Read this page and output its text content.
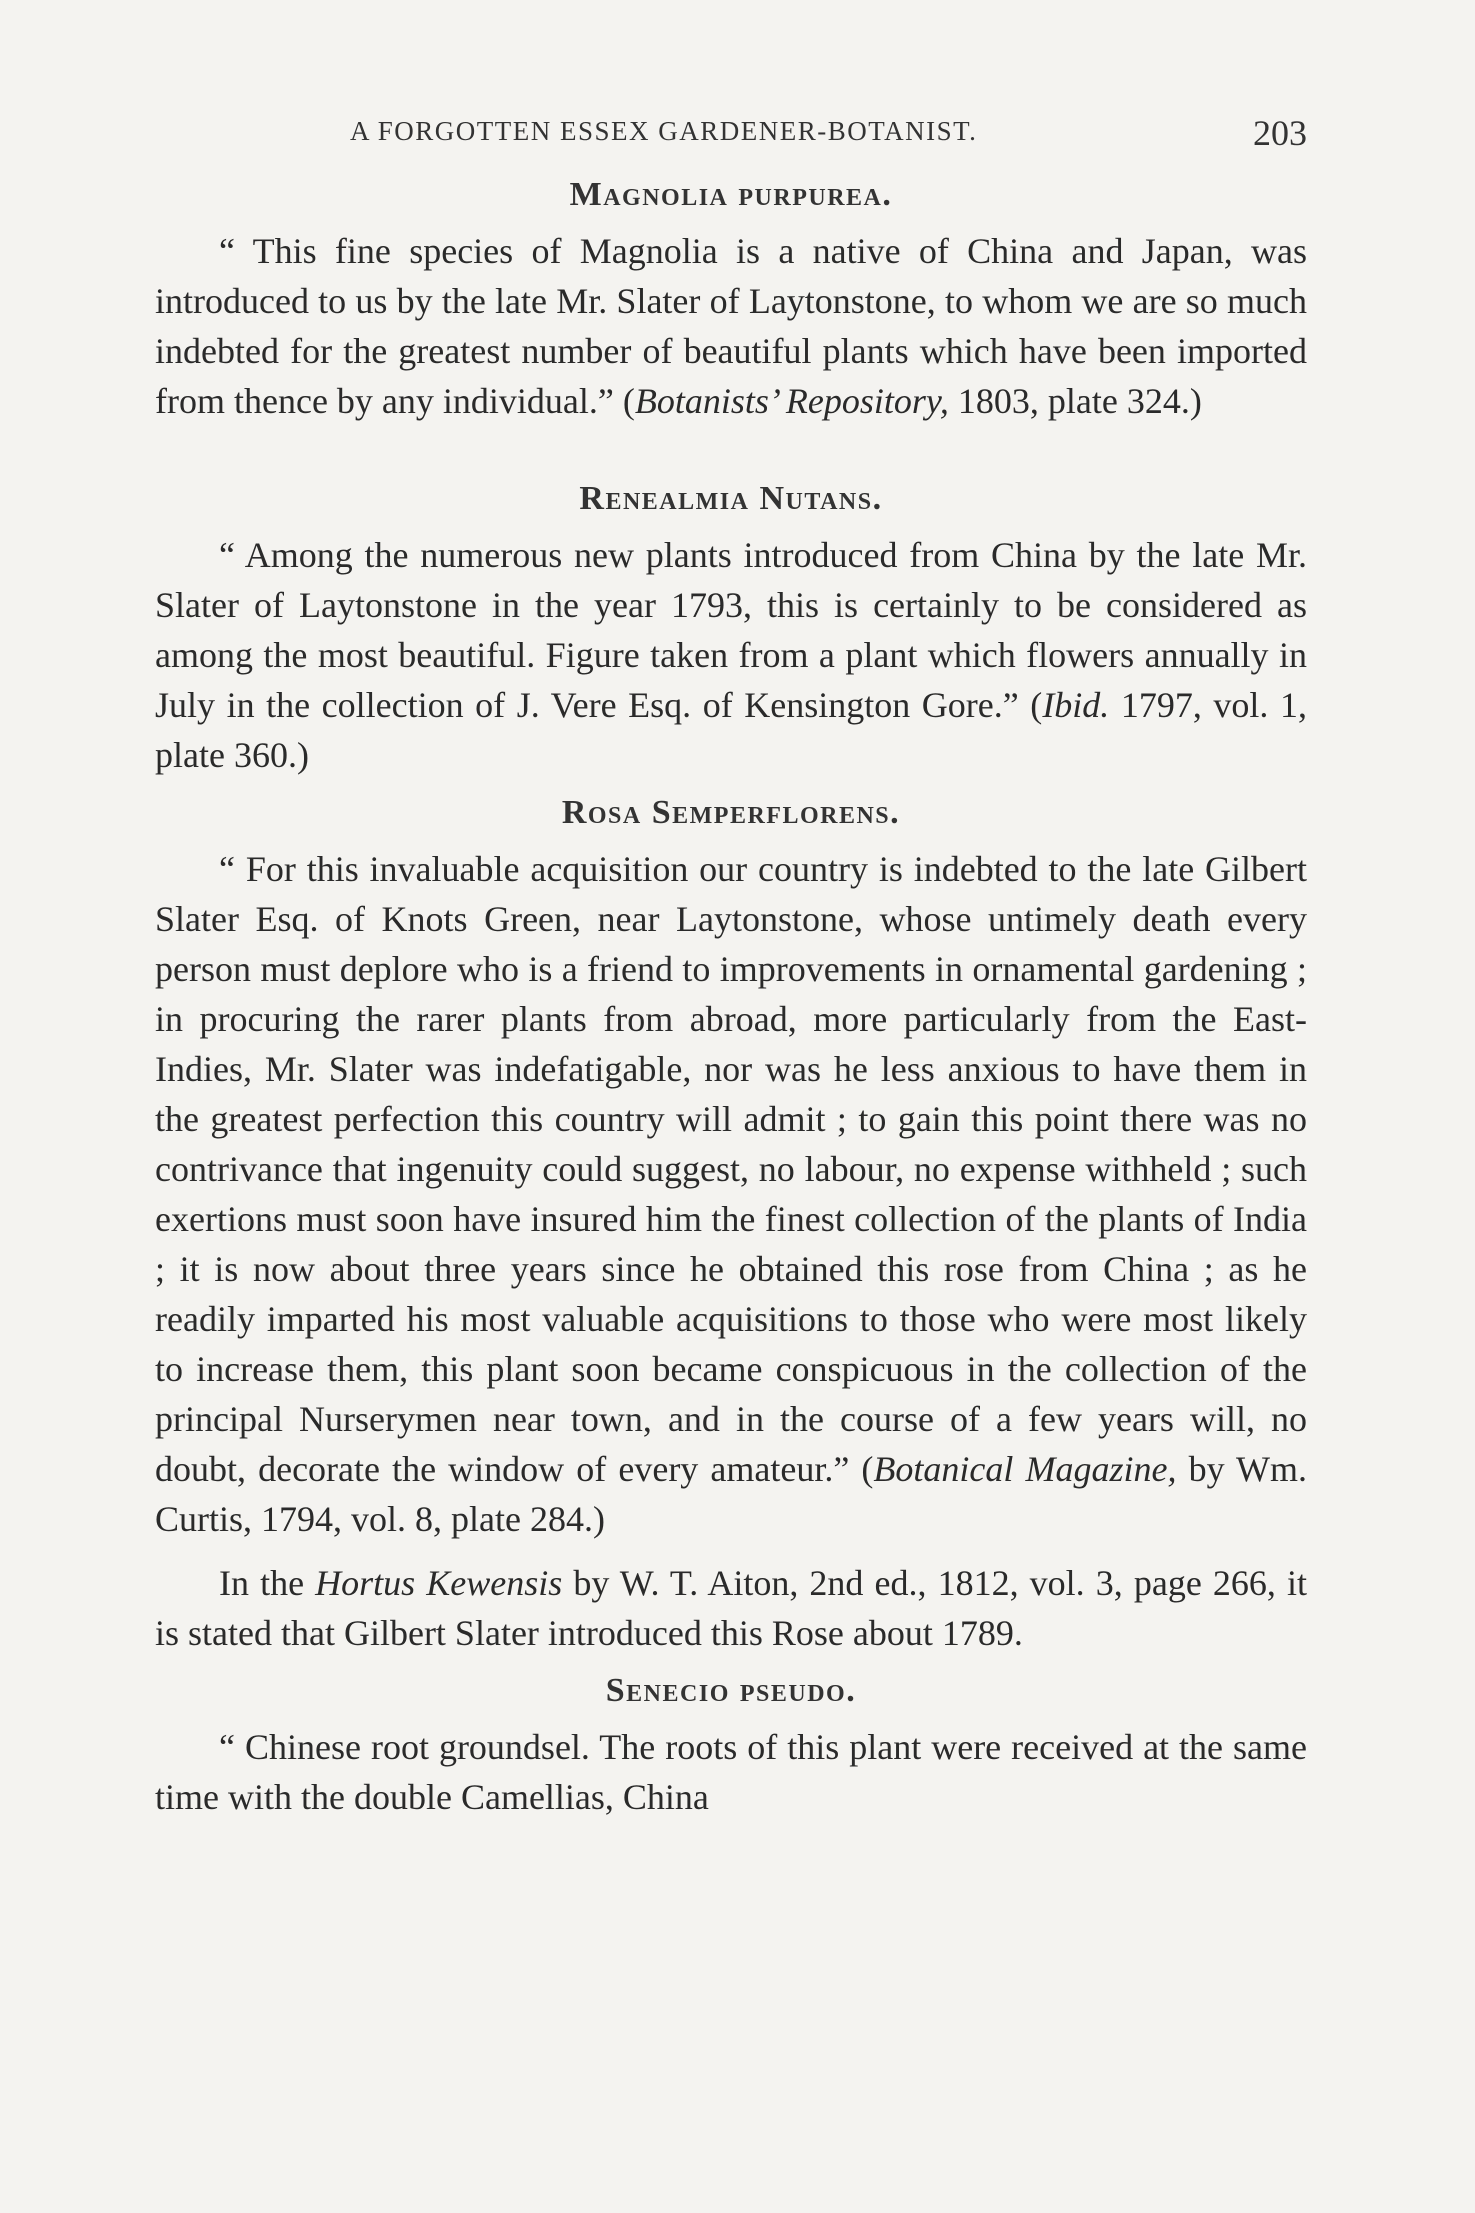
A FORGOTTEN ESSEX GARDENER-BOTANIST.	203
Magnolia purpurea.

“ This fine species of Magnolia is a native of China and Japan, was introduced to us by the late Mr. Slater of Laytonstone, to whom we are so much indebted for the greatest number of beautiful plants which have been imported from thence by any individual.” (Botanists’ Repository, 1803, plate 324.)

Renealmia Nutans.

“ Among the numerous new plants introduced from China by the late Mr. Slater of Laytonstone in the year 1793, this is certainly to be considered as among the most beautiful. Figure taken from a plant which flowers annually in July in the collection of J. Vere Esq. of Kensington Gore.” (Ibid. 1797, vol. 1, plate 360.)

Rosa Semperflorens.

“ For this invaluable acquisition our country is indebted to the late Gilbert Slater Esq. of Knots Green, near Laytonstone, whose untimely death every person must deplore who is a friend to improvements in ornamental gardening ; in procuring the rarer plants from abroad, more particularly from the East-Indies, Mr. Slater was indefatigable, nor was he less anxious to have them in the greatest perfection this country will admit ; to gain this point there was no contrivance that ingenuity could suggest, no labour, no expense withheld ; such exertions must soon have insured him the finest collection of the plants of India ; it is now about three years since he obtained this rose from China ; as he readily imparted his most valuable acquisitions to those who were most likely to increase them, this plant soon became conspicuous in the collection of the principal Nurserymen near town, and in the course of a few years will, no doubt, decorate the window of every amateur.” (Botanical Magazine, by Wm. Curtis, 1794, vol. 8, plate 284.)

In the Hortus Kewensis by W. T. Aiton, 2nd ed., 1812, vol. 3, page 266, it is stated that Gilbert Slater introduced this Rose about 1789.

Senecio pseudo.

“ Chinese root groundsel. The roots of this plant were received at the same time with the double Camellias, China
